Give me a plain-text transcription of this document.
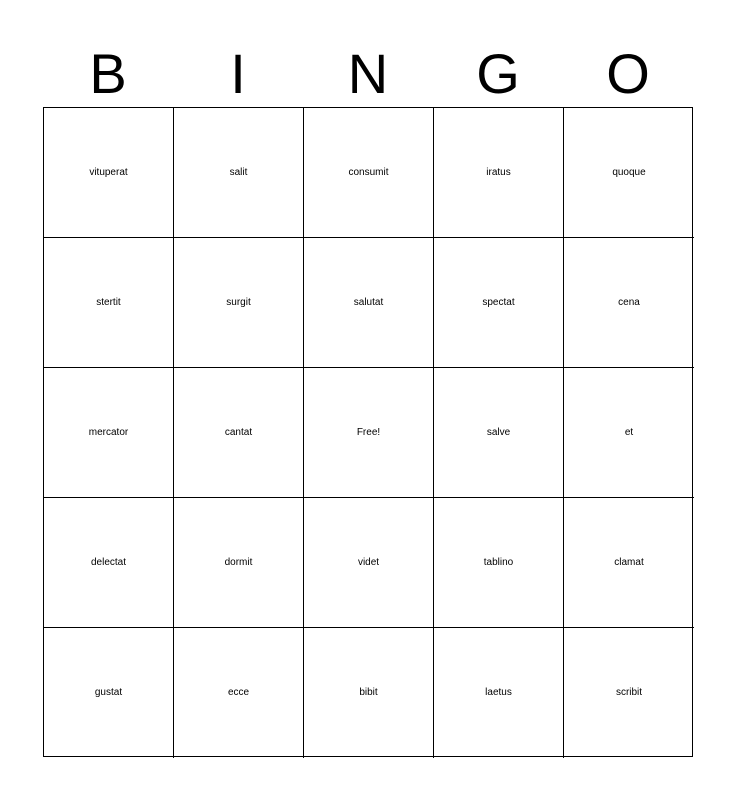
B	I	N	G	O
vituperat	salit	consumit	iratus	quoque
stertit	surgit	salutat	spectat	cena
mercator	cantat	Free!	salve	et
delectat	dormit	videt	tablino	clamat
gustat	ecce	bibit	laetus	scribit
